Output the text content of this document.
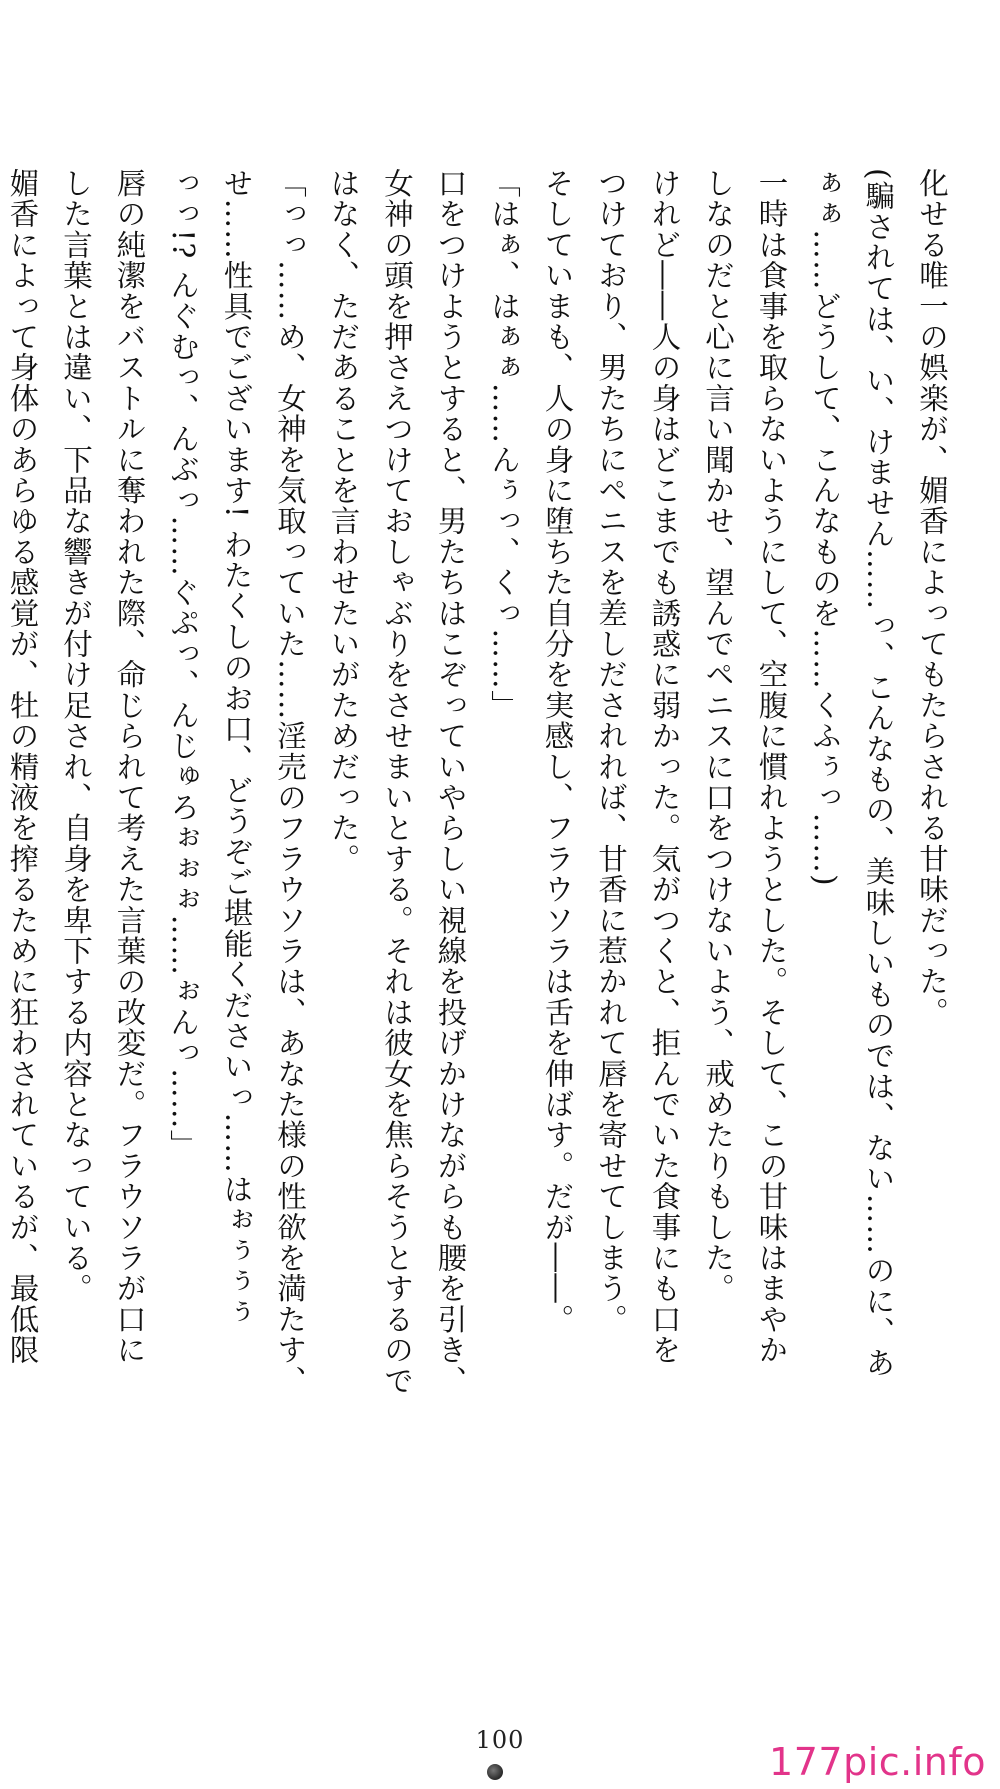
化せる唯一の娯楽が、媚香によってもたらされる甘味だった。

(騙されては、い、けません……っ、こんなもの、美味しいものでは、ない……のに、あ

ぁぁ……どうして、こんなものを……くふぅっ……)

一時は食事を取らないようにして、空腹に慣れようとした。そして、この甘味はまやか

しなのだと心に言い聞かせ、望んでペニスに口をつけないよう、戒めたりもした。

けれど――人の身はどこまでも誘惑に弱かった。気がつくと、拒んでいた食事にも口を

つけており、男たちにペニスを差しだされれば、甘香に惹かれて唇を寄せてしまう。

そしていまも、人の身に堕ちた自分を実感し、フラウソラは舌を伸ばす。だが――。

「はぁ、はぁぁ……んぅっ、くっ……」

口をつけようとすると、男たちはこぞっていやらしい視線を投げかけながらも腰を引き、

女神の頭を押さえつけておしゃぶりをさせまいとする。それは彼女を焦らそうとするので

はなく、ただあることを言わせたいがためだった。

「っっ……め、女神を気取っていた……淫売のフラウソラは、あなた様の性欲を満たす、

せ……性具でございます! わたくしのお口、どうぞご堪能くださいっ……はぉぅぅぅ

っっ!? んぐむっ、んぶっ……ぐぷっ、んじゅろぉぉぉ……ぉんっ……」

唇の純潔をバストルに奪われた際、命じられて考えた言葉の改変だ。フラウソラが口に

した言葉とは違い、下品な響きが付け足され、自身を卑下する内容となっている。

媚香によって身体のあらゆる感覚が、牡の精液を搾るために狂わされているが、最低限

100	177pic.info
